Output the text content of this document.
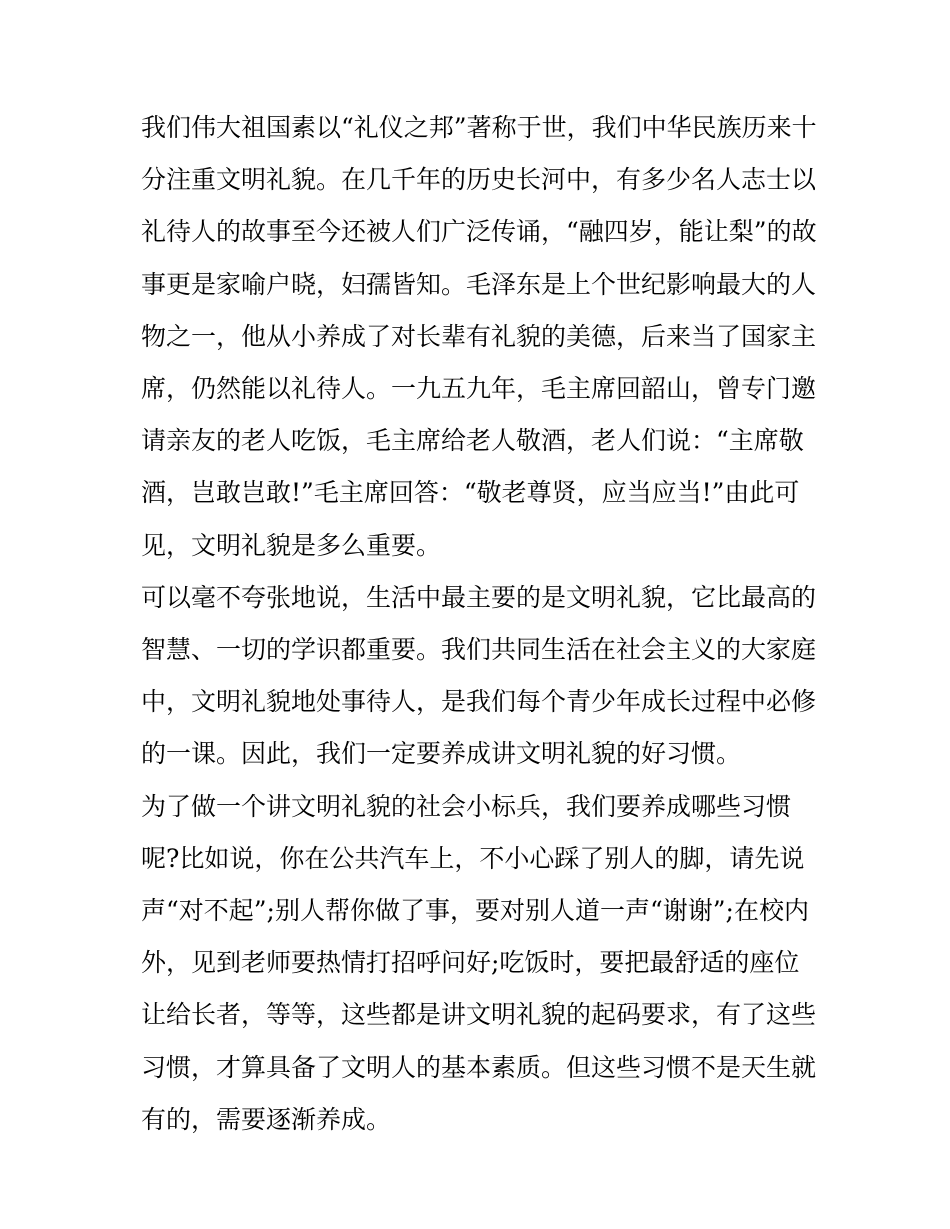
我们伟大祖国素以“礼仪之邦”著称于世，我们中华民族历来十
分注重文明礼貌。在几千年的历史长河中，有多少名人志士以
礼待人的故事至今还被人们广泛传诵，“融四岁，能让梨”的故
事更是家喻户晓，妇孺皆知。毛泽东是上个世纪影响最大的人
物之一，他从小养成了对长辈有礼貌的美德，后来当了国家主
席，仍然能以礼待人。一九五九年，毛主席回韶山，曾专门邀
请亲友的老人吃饭，毛主席给老人敬酒，老人们说：“主席敬
酒，岂敢岂敢!”毛主席回答：“敬老尊贤，应当应当!”由此可
见，文明礼貌是多么重要。

可以毫不夸张地说，生活中最主要的是文明礼貌，它比最高的
智慧、一切的学识都重要。我们共同生活在社会主义的大家庭
中，文明礼貌地处事待人，是我们每个青少年成长过程中必修
的一课。因此，我们一定要养成讲文明礼貌的好习惯。

为了做一个讲文明礼貌的社会小标兵，我们要养成哪些习惯
呢?比如说，你在公共汽车上，不小心踩了别人的脚，请先说
声“对不起”;别人帮你做了事，要对别人道一声“谢谢”;在校内
外，见到老师要热情打招呼问好;吃饭时，要把最舒适的座位
让给长者，等等，这些都是讲文明礼貌的起码要求，有了这些
习惯，才算具备了文明人的基本素质。但这些习惯不是天生就
有的，需要逐渐养成。
